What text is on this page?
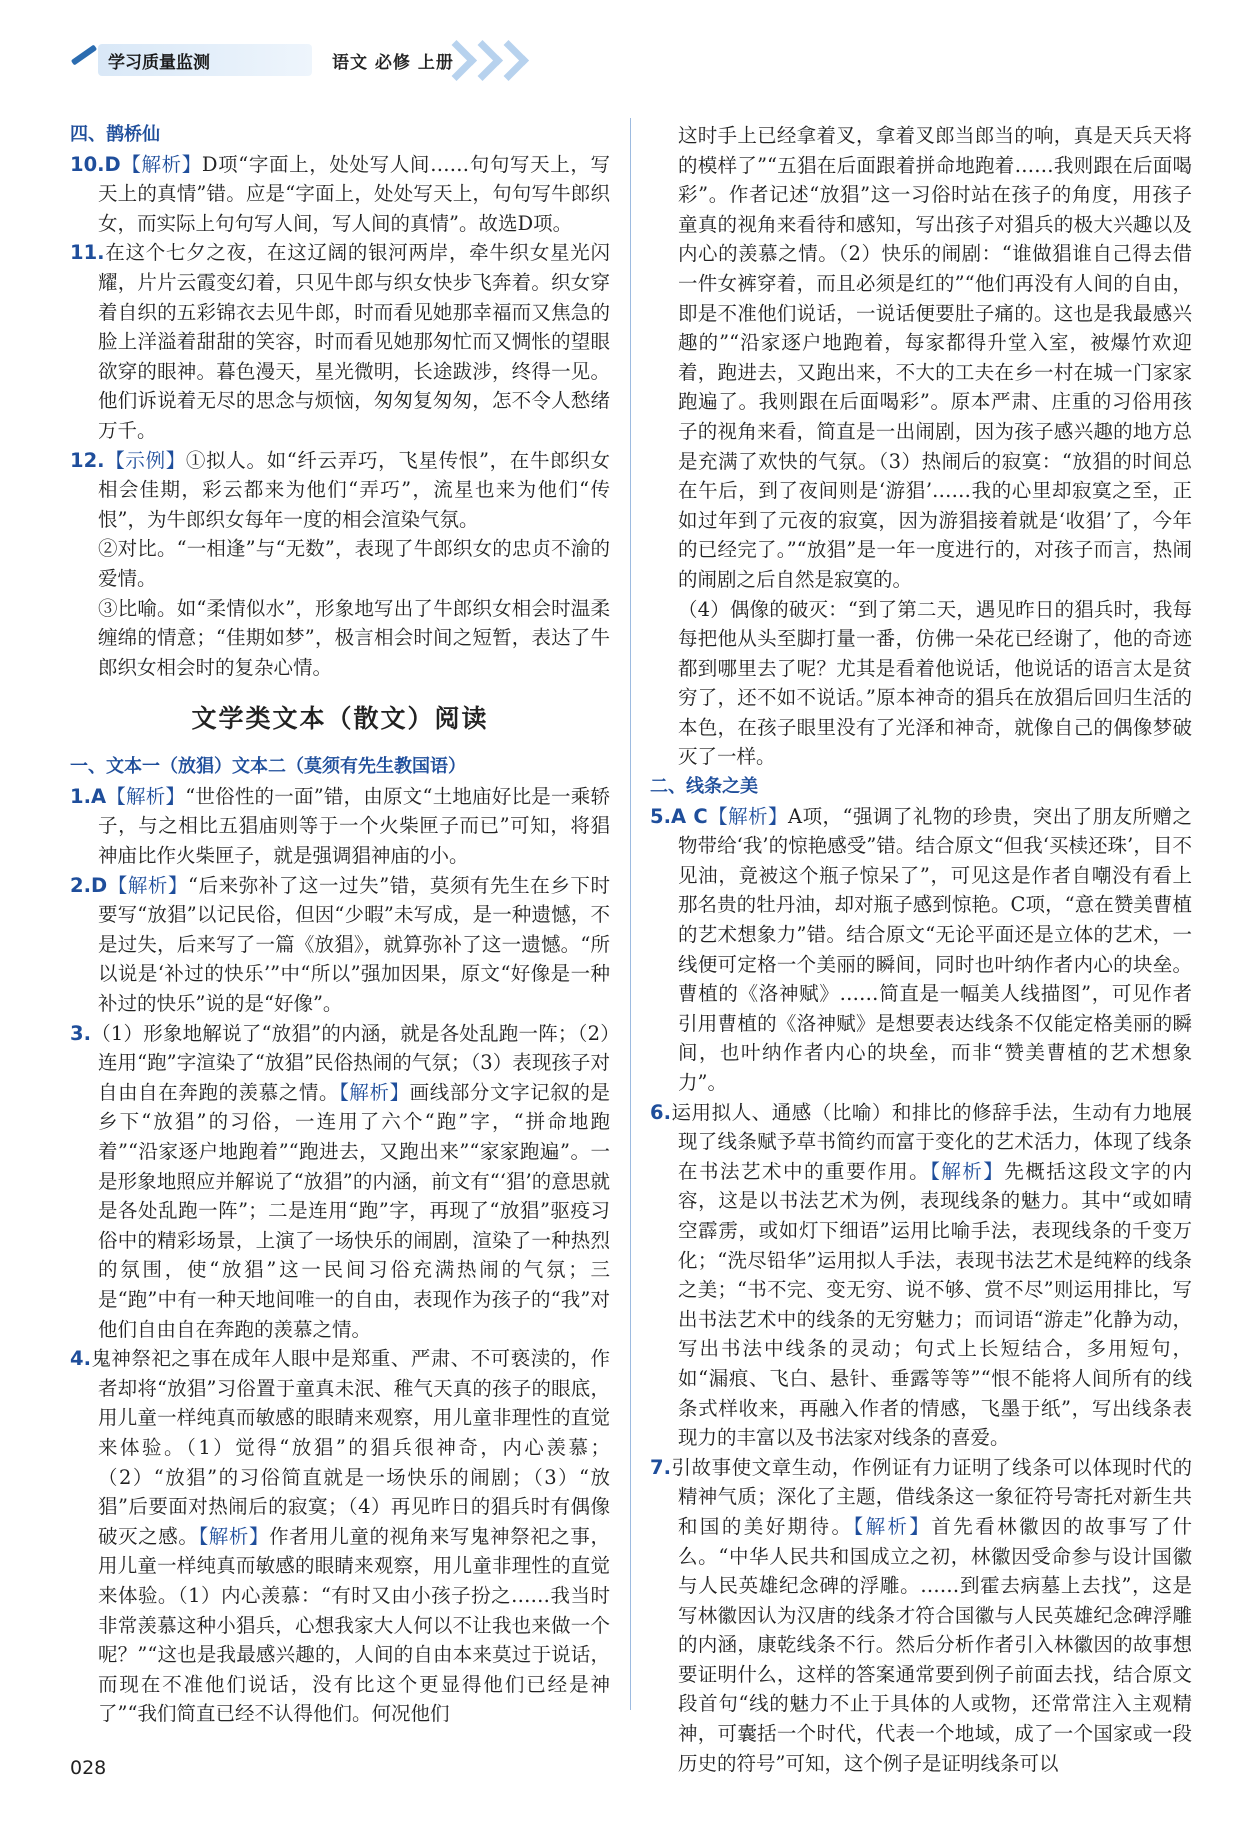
学习质量监测	语文 必修 上册

四、鹊桥仙

10.D【解析】D项“字面上，处处写人间……句句写天上，写天上的真情”错。应是“字面上，处处写天上，句句写牛郎织女，而实际上句句写人间，写人间的真情”。故选D项。

11.在这个七夕之夜，在这辽阔的银河两岸，牵牛织女星光闪耀，片片云霞变幻着，只见牛郎与织女快步飞奔着。织女穿着自织的五彩锦衣去见牛郎，时而看见她那幸福而又焦急的脸上洋溢着甜甜的笑容，时而看见她那匆忙而又惆怅的望眼欲穿的眼神。暮色漫天，星光微明，长途跋涉，终得一见。他们诉说着无尽的思念与烦恼，匆匆复匆匆，怎不令人愁绪万千。

12.【示例】①拟人。如“纤云弄巧，飞星传恨”，在牛郎织女相会佳期，彩云都来为他们“弄巧”，流星也来为他们“传恨”，为牛郎织女每年一度的相会渲染气氛。

②对比。“一相逢”与“无数”，表现了牛郎织女的忠贞不渝的爱情。

③比喻。如“柔情似水”，形象地写出了牛郎织女相会时温柔缠绵的情意；“佳期如梦”，极言相会时间之短暂，表达了牛郎织女相会时的复杂心情。

文学类文本（散文）阅读

一、文本一（放猖）文本二（莫须有先生教国语）

1.A【解析】“世俗性的一面”错，由原文“土地庙好比是一乘轿子，与之相比五猖庙则等于一个火柴匣子而已”可知，将猖神庙比作火柴匣子，就是强调猖神庙的小。

2.D【解析】“后来弥补了这一过失”错，莫须有先生在乡下时要写“放猖”以记民俗，但因“少暇”未写成，是一种遗憾，不是过失，后来写了一篇《放猖》，就算弥补了这一遗憾。“所以说是‘补过的快乐’”中“所以”强加因果，原文“好像是一种补过的快乐”说的是“好像”。

3.（1）形象地解说了“放猖”的内涵，就是各处乱跑一阵；（2）连用“跑”字渲染了“放猖”民俗热闹的气氛；（3）表现孩子对自由自在奔跑的羡慕之情。【解析】画线部分文字记叙的是乡下“放猖”的习俗，一连用了六个“跑”字，“拼命地跑着”“沿家逐户地跑着”“跑进去，又跑出来”“家家跑遍”。一是形象地照应并解说了“放猖”的内涵，前文有“‘猖’的意思就是各处乱跑一阵”；二是连用“跑”字，再现了“放猖”驱疫习俗中的精彩场景，上演了一场快乐的闹剧，渲染了一种热烈的氛围，使“放猖”这一民间习俗充满热闹的气氛；三是“跑”中有一种天地间唯一的自由，表现作为孩子的“我”对他们自由自在奔跑的羡慕之情。

4.鬼神祭祀之事在成年人眼中是郑重、严肃、不可亵渎的，作者却将“放猖”习俗置于童真未泯、稚气天真的孩子的眼底，用儿童一样纯真而敏感的眼睛来观察，用儿童非理性的直觉来体验。（1）觉得“放猖”的猖兵很神奇，内心羡慕；（2）“放猖”的习俗简直就是一场快乐的闹剧；（3）“放猖”后要面对热闹后的寂寞；（4）再见昨日的猖兵时有偶像破灭之感。【解析】作者用儿童的视角来写鬼神祭祀之事，用儿童一样纯真而敏感的眼睛来观察，用儿童非理性的直觉来体验。（1）内心羡慕：“有时又由小孩子扮之……我当时非常羡慕这种小猖兵，心想我家大人何以不让我也来做一个呢？”“这也是我最感兴趣的，人间的自由本来莫过于说话，而现在不准他们说话，没有比这个更显得他们已经是神了”“我们简直已经不认得他们。何况他们

这时手上已经拿着叉，拿着叉郎当郎当的响，真是天兵天将的模样了”“五猖在后面跟着拼命地跑着……我则跟在后面喝彩”。作者记述“放猖”这一习俗时站在孩子的角度，用孩子童真的视角来看待和感知，写出孩子对猖兵的极大兴趣以及内心的羡慕之情。（2）快乐的闹剧：“谁做猖谁自己得去借一件女裤穿着，而且必须是红的”“他们再没有人间的自由，即是不准他们说话，一说话便要肚子痛的。这也是我最感兴趣的”“沿家逐户地跑着，每家都得升堂入室，被爆竹欢迎着，跑进去，又跑出来，不大的工夫在乡一村在城一门家家跑遍了。我则跟在后面喝彩”。原本严肃、庄重的习俗用孩子的视角来看，简直是一出闹剧，因为孩子感兴趣的地方总是充满了欢快的气氛。（3）热闹后的寂寞：“放猖的时间总在午后，到了夜间则是‘游猖’……我的心里却寂寞之至，正如过年到了元夜的寂寞，因为游猖接着就是‘收猖’了，今年的已经完了。”“放猖”是一年一度进行的，对孩子而言，热闹的闹剧之后自然是寂寞的。

（4）偶像的破灭：“到了第二天，遇见昨日的猖兵时，我每每把他从头至脚打量一番，仿佛一朵花已经谢了，他的奇迹都到哪里去了呢？尤其是看着他说话，他说话的语言太是贫穷了，还不如不说话。”原本神奇的猖兵在放猖后回归生活的本色，在孩子眼里没有了光泽和神奇，就像自己的偶像梦破灭了一样。

二、线条之美

5.A C【解析】A项，“强调了礼物的珍贵，突出了朋友所赠之物带给‘我’的惊艳感受”错。结合原文“但我‘买椟还珠’，目不见油，竟被这个瓶子惊呆了”，可见这是作者自嘲没有看上那名贵的牡丹油，却对瓶子感到惊艳。C项，“意在赞美曹植的艺术想象力”错。结合原文“无论平面还是立体的艺术，一线便可定格一个美丽的瞬间，同时也叶纳作者内心的块垒。曹植的《洛神赋》……简直是一幅美人线描图”，可见作者引用曹植的《洛神赋》是想要表达线条不仅能定格美丽的瞬间，也叶纳作者内心的块垒，而非“赞美曹植的艺术想象力”。

6.运用拟人、通感（比喻）和排比的修辞手法，生动有力地展现了线条赋予草书简约而富于变化的艺术活力，体现了线条在书法艺术中的重要作用。【解析】先概括这段文字的内容，这是以书法艺术为例，表现线条的魅力。其中“或如晴空霹雳，或如灯下细语”运用比喻手法，表现线条的千变万化；“洗尽铅华”运用拟人手法，表现书法艺术是纯粹的线条之美；“书不完、变无穷、说不够、赏不尽”则运用排比，写出书法艺术中的线条的无穷魅力；而词语“游走”化静为动，写出书法中线条的灵动；句式上长短结合，多用短句，如“漏痕、飞白、悬针、垂露等等”“恨不能将人间所有的线条式样收来，再融入作者的情感，飞墨于纸”，写出线条表现力的丰富以及书法家对线条的喜爱。

7.引故事使文章生动，作例证有力证明了线条可以体现时代的精神气质；深化了主题，借线条这一象征符号寄托对新生共和国的美好期待。【解析】首先看林徽因的故事写了什么。“中华人民共和国成立之初，林徽因受命参与设计国徽与人民英雄纪念碑的浮雕。……到霍去病墓上去找”，这是写林徽因认为汉唐的线条才符合国徽与人民英雄纪念碑浮雕的内涵，康乾线条不行。然后分析作者引入林徽因的故事想要证明什么，这样的答案通常要到例子前面去找，结合原文段首句“线的魅力不止于具体的人或物，还常常注入主观精神，可囊括一个时代，代表一个地域，成了一个国家或一段历史的符号”可知，这个例子是证明线条可以

028
